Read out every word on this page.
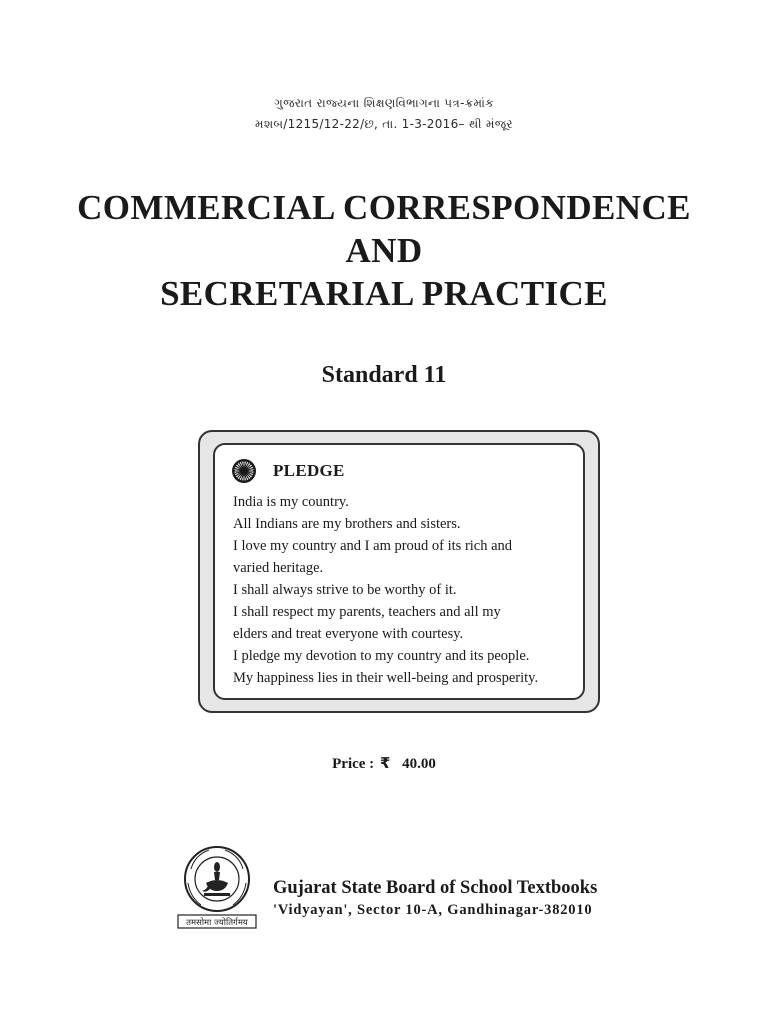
ગુજરાત રાજ્યના શિક્ષણવિભાગના પત્ર-ક્રમાંક
મશબ/1215/12-22/છ, તા. 1-3-2016– થી મંજૂર
COMMERCIAL CORRESPONDENCE
AND
SECRETARIAL PRACTICE
Standard 11
PLEDGE
India is my country.
All Indians are my brothers and sisters.
I love my country and I am proud of its rich and
varied heritage.
I shall always strive to be worthy of it.
I shall respect my parents, teachers and all my
elders and treat everyone with courtesy.
I pledge my devotion to my country and its people.
My happiness lies in their well-being and prosperity.
Price : ₹ 40.00
तमसोमा ज्योतिर्गमय
Gujarat State Board of School Textbooks
'Vidyayan', Sector 10-A, Gandhinagar-382010
